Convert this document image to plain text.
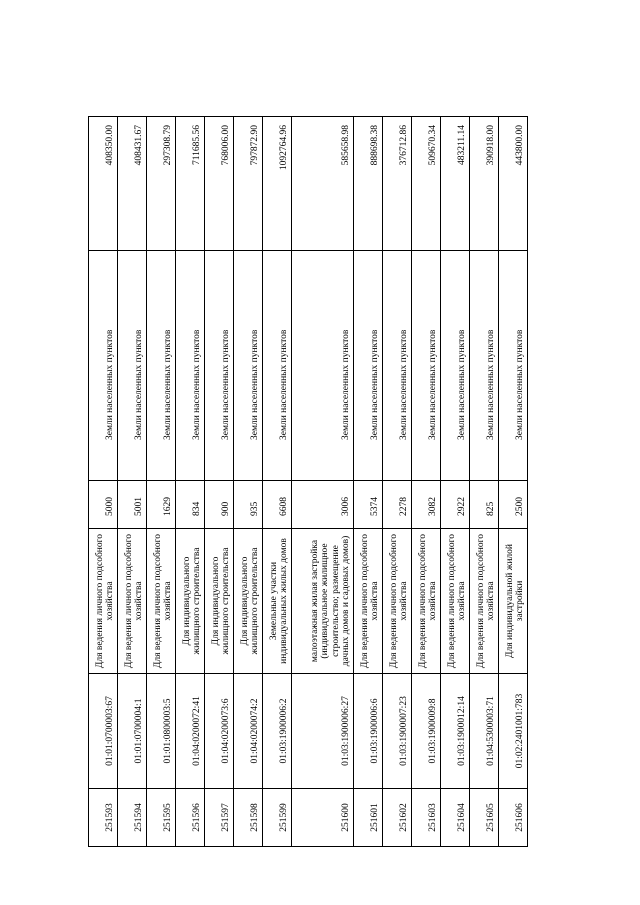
251593	01:01:0700003:67	Для ведения личного подсобного хозяйства	5000	Земли населенных пунктов	408350.00
251594	01:01:0700004:1	Для ведения личного подсобного хозяйства	5001	Земли населенных пунктов	408431.67
251595	01:01:0800003:5	Для ведения личного подсобного хозяйства	1629	Земли населенных пунктов	297308.79
251596	01:04:0200072:41	Для индивидуального жилищного строительства	834	Земли населенных пунктов	711685.56
251597	01:04:0200073:6	Для индивидуального жилищного строительства	900	Земли населенных пунктов	768006.00
251598	01:04:0200074:2	Для индивидуального жилищного строительства	935	Земли населенных пунктов	797872.90
251599	01:03:1900006:2	Земельные участки индивидуальных жилых домов	6608	Земли населенных пунктов	1092764.96
251600	01:03:1900006:27	малоэтажная жилая застройка (индивидуальное жилищное строительство; размещение дачных домов и садовых домов)	3006	Земли населенных пунктов	585658.98
251601	01:03:1900006:6	Для ведения личного подсобного хозяйства	5374	Земли населенных пунктов	888698.38
251602	01:03:1900007:23	Для ведения личного подсобного хозяйства	2278	Земли населенных пунктов	376712.86
251603	01:03:1900009:8	Для ведения личного подсобного хозяйства	3082	Земли населенных пунктов	509670.34
251604	01:03:1900012:14	Для ведения личного подсобного хозяйства	2922	Земли населенных пунктов	483211.14
251605	01:04:5300003:71	Для ведения личного подсобного хозяйства	825	Земли населенных пунктов	390918.00
251606	01:02:2401001:783	Для индивидуальной жилой застройки	2500	Земли населенных пунктов	443800.00
